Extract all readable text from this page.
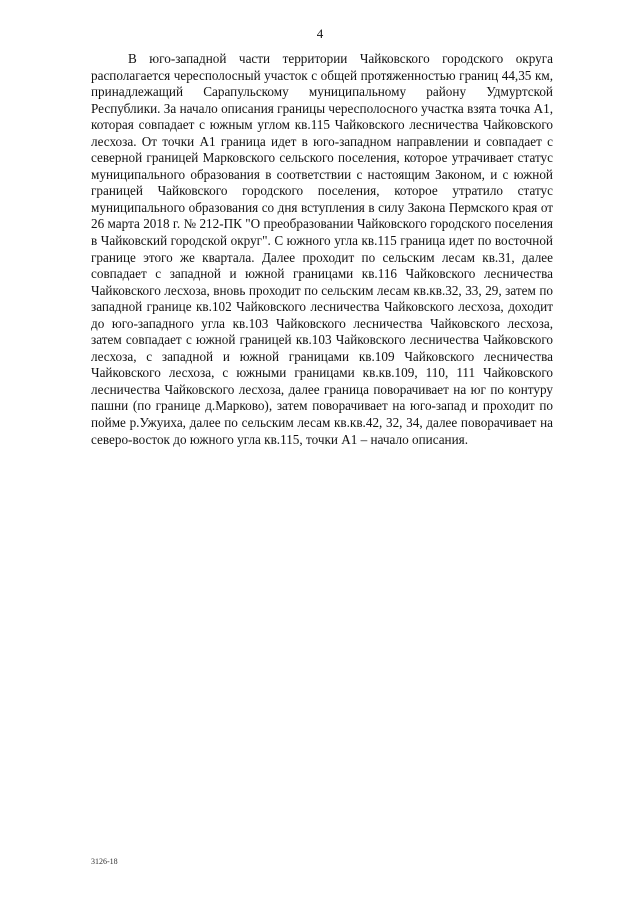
4

В юго-западной части территории Чайковского городского округа располагается чересполосный участок с общей протяженностью границ 44,35 км, принадлежащий Сарапульскому муниципальному району Удмуртской Республики. За начало описания границы чересполосного участка взята точка А1, которая совпадает с южным углом кв.115 Чайковского лесничества Чайковского лесхоза. От точки А1 граница идет в юго-западном направлении и совпадает с северной границей Марковского сельского поселения, которое утрачивает статус муниципального образования в соответствии с настоящим Законом, и с южной границей Чайковского городского поселения, которое утратило статус муниципального образования со дня вступления в силу Закона Пермского края от 26 марта 2018 г. № 212-ПК "О преобразовании Чайковского городского поселения в Чайковский городской округ". С южного угла кв.115 граница идет по восточной границе этого же квартала. Далее проходит по сельским лесам кв.31, далее совпадает с западной и южной границами кв.116 Чайковского лесничества Чайковского лесхоза, вновь проходит по сельским лесам кв.кв.32, 33, 29, затем по западной границе кв.102 Чайковского лесничества Чайковского лесхоза, доходит до юго-западного угла кв.103 Чайковского лесничества Чайковского лесхоза, затем совпадает с южной границей кв.103 Чайковского лесничества Чайковского лесхоза, с западной и южной границами кв.109 Чайковского лесничества Чайковского лесхоза, с южными границами кв.кв.109, 110, 111 Чайковского лесничества Чайковского лесхоза, далее граница поворачивает на юг по контуру пашни (по границе д.Марково), затем поворачивает на юго-запад и проходит по пойме р.Ужуиха, далее по сельским лесам кв.кв.42, 32, 34, далее поворачивает на северо-восток до южного угла кв.115, точки А1 – начало описания.

3126-18
